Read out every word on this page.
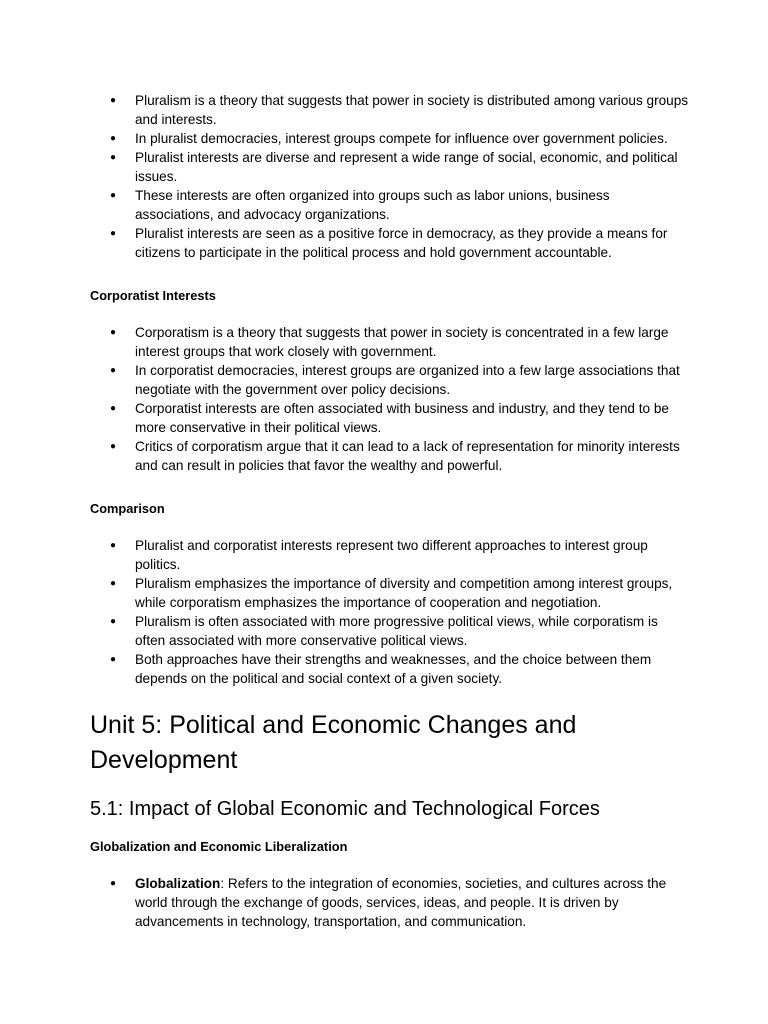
● Pluralism is a theory that suggests that power in society is distributed among various groups and interests.
● In pluralist democracies, interest groups compete for influence over government policies.
● Pluralist interests are diverse and represent a wide range of social, economic, and political issues.
● These interests are often organized into groups such as labor unions, business associations, and advocacy organizations.
● Pluralist interests are seen as a positive force in democracy, as they provide a means for citizens to participate in the political process and hold government accountable.

Corporatist Interests

● Corporatism is a theory that suggests that power in society is concentrated in a few large interest groups that work closely with government.
● In corporatist democracies, interest groups are organized into a few large associations that negotiate with the government over policy decisions.
● Corporatist interests are often associated with business and industry, and they tend to be more conservative in their political views.
● Critics of corporatism argue that it can lead to a lack of representation for minority interests and can result in policies that favor the wealthy and powerful.

Comparison

● Pluralist and corporatist interests represent two different approaches to interest group politics.
● Pluralism emphasizes the importance of diversity and competition among interest groups, while corporatism emphasizes the importance of cooperation and negotiation.
● Pluralism is often associated with more progressive political views, while corporatism is often associated with more conservative political views.
● Both approaches have their strengths and weaknesses, and the choice between them depends on the political and social context of a given society.
Unit 5: Political and Economic Changes and Development
5.1: Impact of Global Economic and Technological Forces

Globalization and Economic Liberalization

● Globalization: Refers to the integration of economies, societies, and cultures across the world through the exchange of goods, services, ideas, and people. It is driven by advancements in technology, transportation, and communication.
